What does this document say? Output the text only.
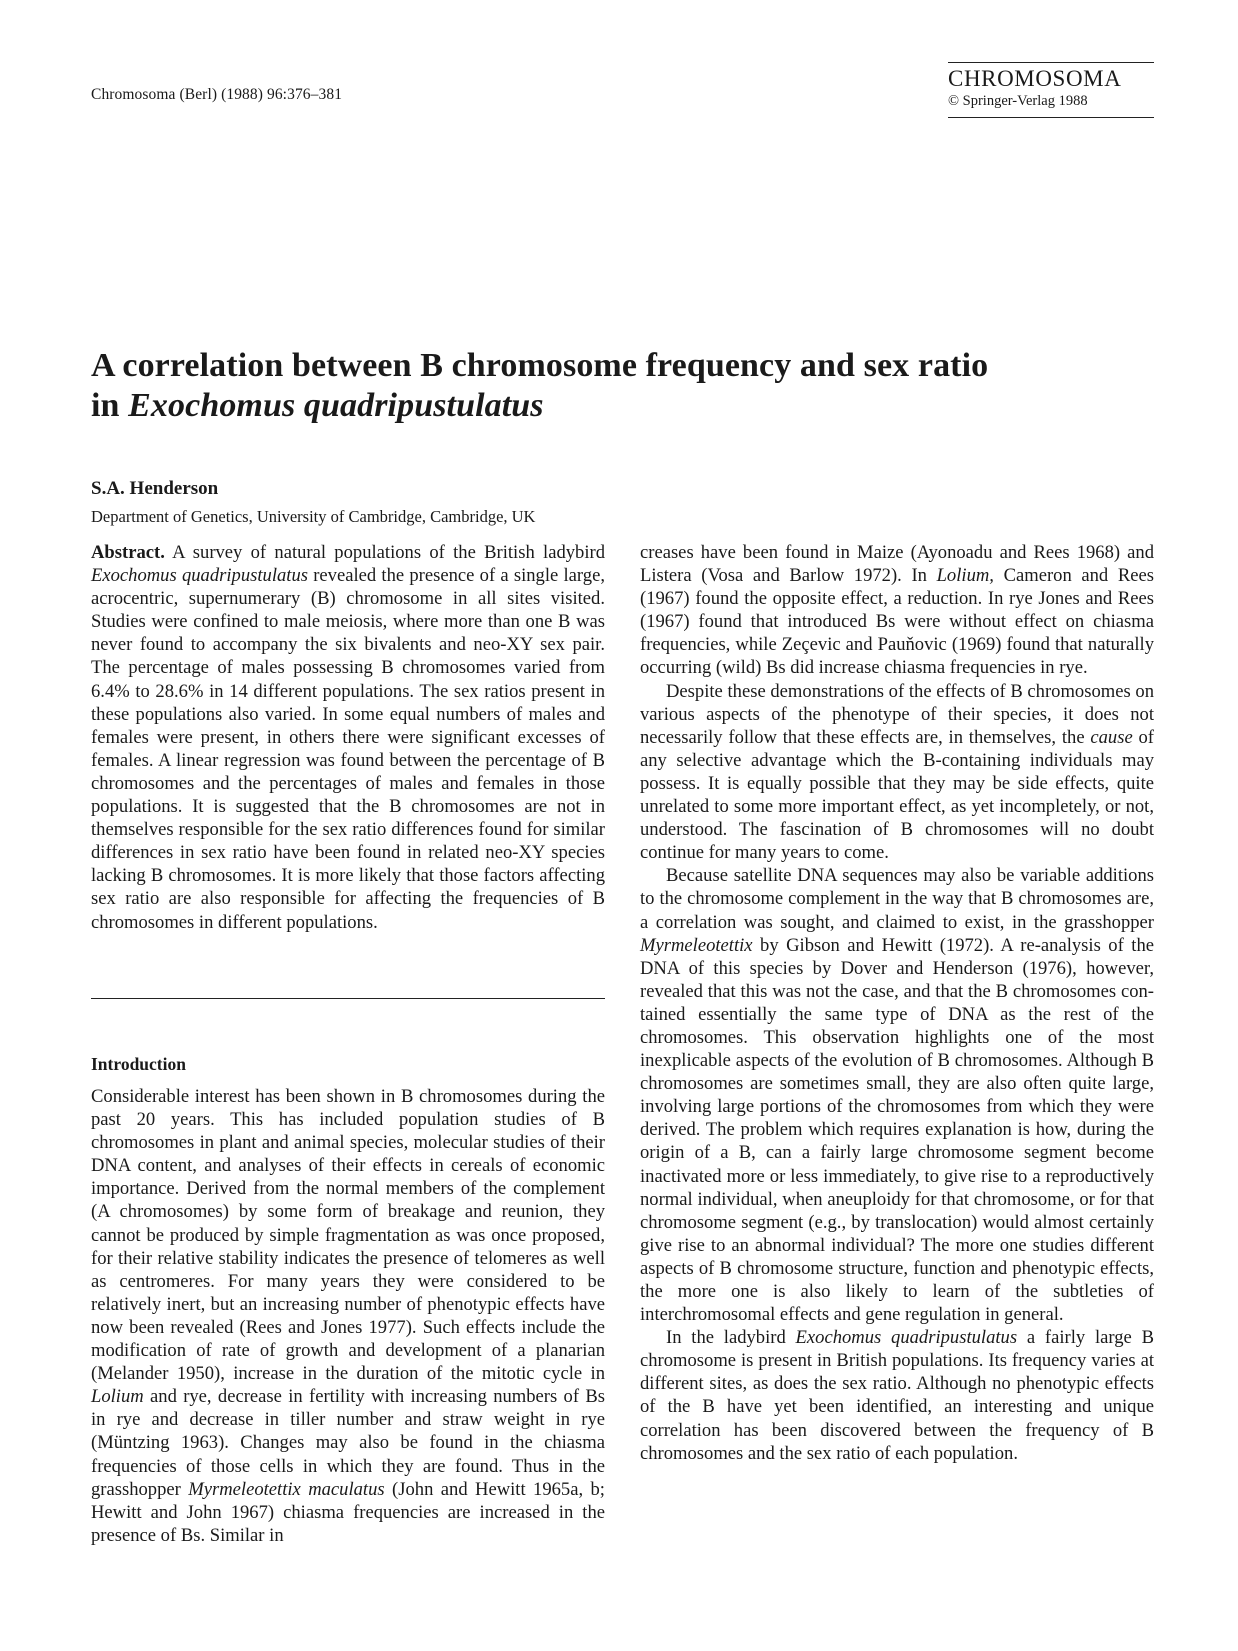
Chromosoma (Berl) (1988) 96:376–381
CHROMOSOMA
© Springer-Verlag 1988
A correlation between B chromosome frequency and sex ratio
in Exochomus quadripustulatus
S.A. Henderson
Department of Genetics, University of Cambridge, Cambridge, UK

Abstract. A survey of natural populations of the British ladybird Exochomus quadripustulatus revealed the presence of a single large, acrocentric, supernumerary (B) chromosome in all sites visited. Studies were confined to male meiosis, where more than one B was never found to accompany the six bivalents and neo-XY sex pair. The percentage of males possessing B chromosomes varied from 6.4% to 28.6% in 14 different populations. The sex ratios present in these populations also varied. In some equal numbers of males and females were present, in others there were significant excesses of females. A linear regression was found between the percentage of B chromosomes and the percentages of males and females in those populations. It is suggested that the B chromosomes are not in themselves responsible for the sex ratio differences found for similar differences in sex ratio have been found in related neo-XY species lacking B chromosomes. It is more likely that those factors affecting sex ratio are also responsible for affecting the frequencies of B chromosomes in different populations.

Introduction

Considerable interest has been shown in B chromosomes during the past 20 years. This has included population studies of B chromosomes in plant and animal species, molecular studies of their DNA content, and analyses of their effects in cereals of economic importance. Derived from the normal members of the complement (A chromosomes) by some form of breakage and reunion, they cannot be produced by simple fragmentation as was once proposed, for their relative stability indicates the presence of telomeres as well as centromeres. For many years they were considered to be relatively inert, but an increasing number of phenotypic effects have now been revealed (Rees and Jones 1977). Such effects include the modification of rate of growth and development of a planarian (Melander 1950), increase in the duration of the mitotic cycle in Lolium and rye, decrease in fertility with increasing numbers of Bs in rye and decrease in tiller number and straw weight in rye (Müntzing 1963). Changes may also be found in the chiasma frequencies of those cells in which they are found. Thus in the grasshopper Myrmeleotettix maculatus (John and Hewitt 1965a, b; Hewitt and John 1967) chiasma frequencies are increased in the presence of Bs. Similar in

creases have been found in Maize (Ayonoadu and Rees 1968) and Listera (Vosa and Barlow 1972). In Lolium, Cameron and Rees (1967) found the opposite effect, a reduction. In rye Jones and Rees (1967) found that introduced Bs were without effect on chiasma frequencies, while Zeçevic and Pauňovic (1969) found that naturally occurring (wild) Bs did increase chiasma frequencies in rye.

Despite these demonstrations of the effects of B chromosomes on various aspects of the phenotype of their species, it does not necessarily follow that these effects are, in themselves, the cause of any selective advantage which the B-containing individuals may possess. It is equally possible that they may be side effects, quite unrelated to some more important effect, as yet incompletely, or not, understood. The fascination of B chromosomes will no doubt continue for many years to come.

Because satellite DNA sequences may also be variable additions to the chromosome complement in the way that B chromosomes are, a correlation was sought, and claimed to exist, in the grasshopper Myrmeleotettix by Gibson and Hewitt (1972). A re-analysis of the DNA of this species by Dover and Henderson (1976), however, revealed that this was not the case, and that the B chromosomes contained essentially the same type of DNA as the rest of the chromosomes. This observation highlights one of the most inexplicable aspects of the evolution of B chromosomes. Although B chromosomes are sometimes small, they are also often quite large, involving large portions of the chromosomes from which they were derived. The problem which requires explanation is how, during the origin of a B, can a fairly large chromosome segment become inactivated more or less immediately, to give rise to a reproductively normal individual, when aneuploidy for that chromosome, or for that chromosome segment (e.g., by translocation) would almost certainly give rise to an abnormal individual? The more one studies different aspects of B chromosome structure, function and phenotypic effects, the more one is also likely to learn of the subtleties of interchromosomal effects and gene regulation in general.

In the ladybird Exochomus quadripustulatus a fairly large B chromosome is present in British populations. Its frequency varies at different sites, as does the sex ratio. Although no phenotypic effects of the B have yet been identified, an interesting and unique correlation has been discovered between the frequency of B chromosomes and the sex ratio of each population.
